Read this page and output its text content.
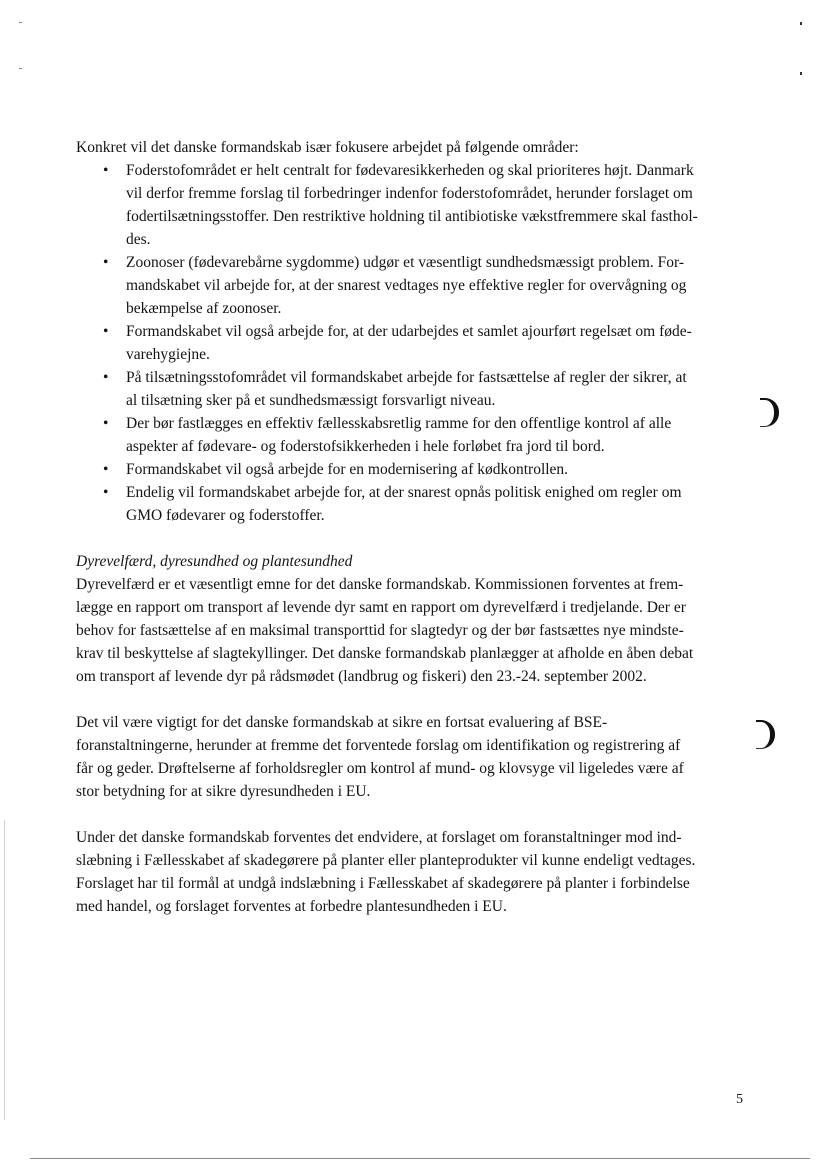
Konkret vil det danske formandskab især fokusere arbejdet på følgende områder:

• Foderstofområdet er helt centralt for fødevaresikkerheden og skal prioriteres højt. Danmark
vil derfor fremme forslag til forbedringer indenfor foderstofområdet, herunder forslaget om
fodertilsætningsstoffer. Den restriktive holdning til antibiotiske vækstfremmere skal fasthol-
des.
• Zoonoser (fødevarebårne sygdomme) udgør et væsentligt sundhedsmæssigt problem. For-
mandskabet vil arbejde for, at der snarest vedtages nye effektive regler for overvågning og
bekæmpelse af zoonoser.
• Formandskabet vil også arbejde for, at der udarbejdes et samlet ajourført regelsæt om føde-
varehygiejne.
• På tilsætningsstofområdet vil formandskabet arbejde for fastsættelse af regler der sikrer, at
al tilsætning sker på et sundhedsmæssigt forsvarligt niveau.
• Der bør fastlægges en effektiv fællesskabsretlig ramme for den offentlige kontrol af alle
aspekter af fødevare- og foderstofsikkerheden i hele forløbet fra jord til bord.
• Formandskabet vil også arbejde for en modernisering af kødkontrollen.
• Endelig vil formandskabet arbejde for, at der snarest opnås politisk enighed om regler om
GMO fødevarer og foderstoffer.

Dyrevelfærd, dyresundhed og plantesundhed

Dyrevelfærd er et væsentligt emne for det danske formandskab. Kommissionen forventes at frem-
lægge en rapport om transport af levende dyr samt en rapport om dyrevelfærd i tredjelande. Der er
behov for fastsættelse af en maksimal transporttid for slagtedyr og der bør fastsættes nye mindste-
krav til beskyttelse af slagtekyllinger. Det danske formandskab planlægger at afholde en åben debat
om transport af levende dyr på rådsmødet (landbrug og fiskeri) den 23.-24. september 2002.

Det vil være vigtigt for det danske formandskab at sikre en fortsat evaluering af BSE-
foranstaltningerne, herunder at fremme det forventede forslag om identifikation og registrering af
får og geder. Drøftelserne af forholdsregler om kontrol af mund- og klovsyge vil ligeledes være af
stor betydning for at sikre dyresundheden i EU.

Under det danske formandskab forventes det endvidere, at forslaget om foranstaltninger mod ind-
slæbning i Fællesskabet af skadegørere på planter eller planteprodukter vil kunne endeligt vedtages.
Forslaget har til formål at undgå indslæbning i Fællesskabet af skadegørere på planter i forbindelse
med handel, og forslaget forventes at forbedre plantesundheden i EU.

5
